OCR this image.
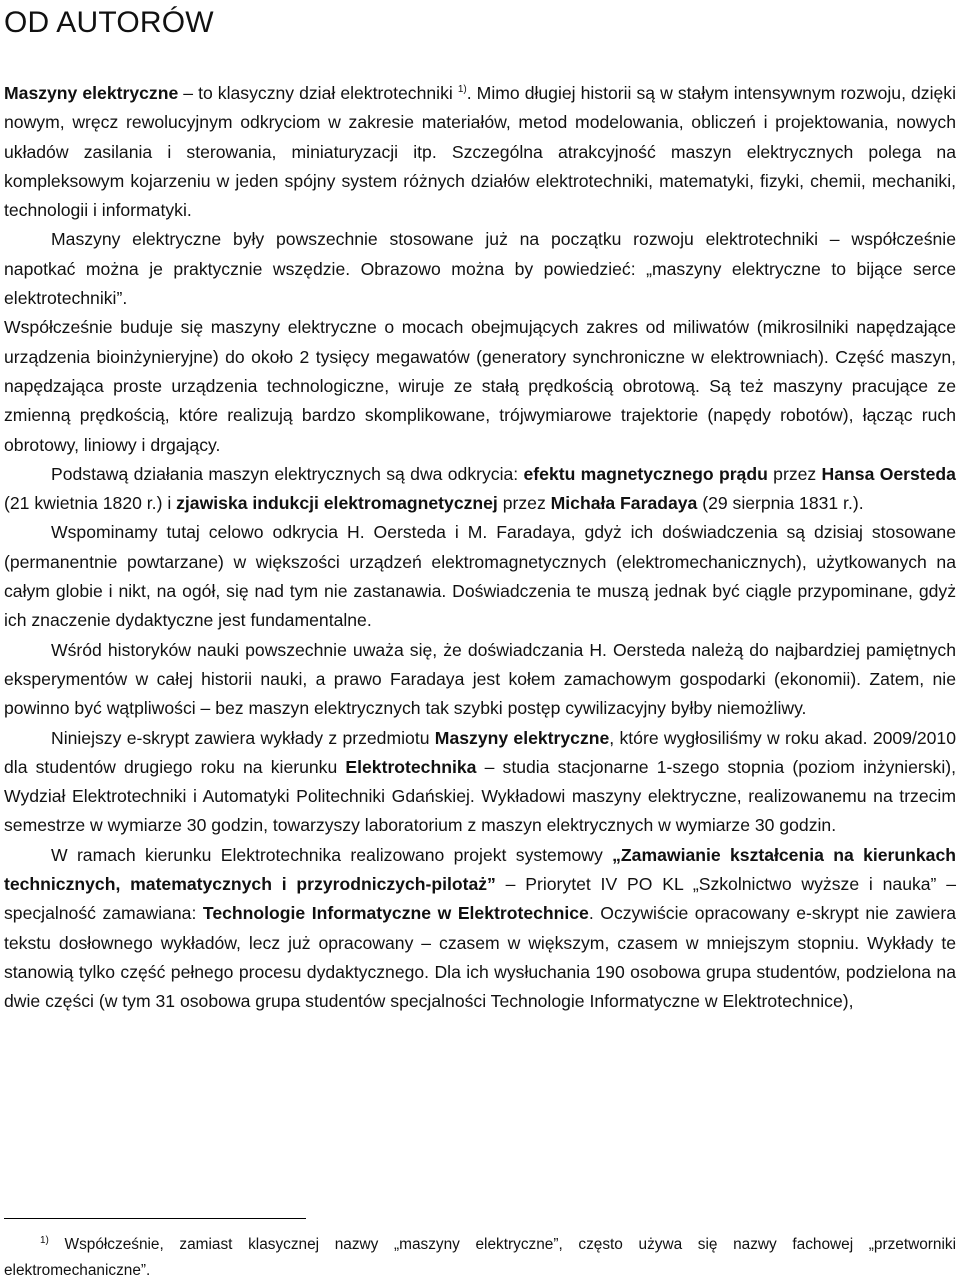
OD AUTORÓW

Maszyny elektryczne – to klasyczny dział elektrotechniki $^{1)}$. Mimo długiej historii są w stałym intensywnym rozwoju, dzięki nowym, wręcz rewolucyjnym odkryciom w zakresie materiałów, metod modelowania, obliczeń i projektowania, nowych układów zasilania i sterowania, miniaturyzacji itp. Szczególna atrakcyjność maszyn elektrycznych polega na kompleksowym kojarzeniu w jeden spójny system różnych działów elektrotechniki, matematyki, fizyki, chemii, mechaniki, technologii i informatyki.

Maszyny elektryczne były powszechnie stosowane już na początku rozwoju elektrotechniki – współcześnie napotkać można je praktycznie wszędzie. Obrazowo można by powiedzieć: „maszyny elektryczne to bijące serce elektrotechniki”.

Współcześnie buduje się maszyny elektryczne o mocach obejmujących zakres od miliwatów (mikrosilniki napędzające urządzenia bioinżynieryjne) do około 2 tysięcy megawatów (generatory synchroniczne w elektrowniach). Część maszyn, napędzająca proste urządzenia technologiczne, wiruje ze stałą prędkością obrotową. Są też maszyny pracujące ze zmienną prędkością, które realizują bardzo skomplikowane, trójwymiarowe trajektorie (napędy robotów), łącząc ruch obrotowy, liniowy i drgający.

Podstawą działania maszyn elektrycznych są dwa odkrycia: efektu magnetycznego prądu przez Hansa Oersteda (21 kwietnia 1820 r.) i zjawiska indukcji elektromagnetycznej przez Michała Faradaya (29 sierpnia 1831 r.).

Wspominamy tutaj celowo odkrycia H. Oersteda i M. Faradaya, gdyż ich doświadczenia są dzisiaj stosowane (permanentnie powtarzane) w większości urządzeń elektromagnetycznych (elektromechanicznych), użytkowanych na całym globie i nikt, na ogół, się nad tym nie zastanawia. Doświadczenia te muszą jednak być ciągle przypominane, gdyż ich znaczenie dydaktyczne jest fundamentalne.

Wśród historyków nauki powszechnie uważa się, że doświadczania H. Oersteda należą do najbardziej pamiętnych eksperymentów w całej historii nauki, a prawo Faradaya jest kołem zamachowym gospodarki (ekonomii). Zatem, nie powinno być wątpliwości – bez maszyn elektrycznych tak szybki postęp cywilizacyjny byłby niemożliwy.

Niniejszy e-skrypt zawiera wykłady z przedmiotu Maszyny elektryczne, które wygłosiliśmy w roku akad. 2009/2010 dla studentów drugiego roku na kierunku Elektrotechnika – studia stacjonarne 1-szego stopnia (poziom inżynierski), Wydział Elektrotechniki i Automatyki Politechniki Gdańskiej. Wykładowi maszyny elektryczne, realizowanemu na trzecim semestrze w wymiarze 30 godzin, towarzyszy laboratorium z maszyn elektrycznych w wymiarze 30 godzin.

W ramach kierunku Elektrotechnika realizowano projekt systemowy „Zamawianie kształcenia na kierunkach technicznych, matematycznych i przyrodniczych-pilotaż” – Priorytet IV PO KL „Szkolnictwo wyższe i nauka” – specjalność zamawiana: Technologie Informatyczne w Elektrotechnice. Oczywiście opracowany e-skrypt nie zawiera tekstu dosłownego wykładów, lecz już opracowany – czasem w większym, czasem w mniejszym stopniu. Wykłady te stanowią tylko część pełnego procesu dydaktycznego. Dla ich wysłuchania 190 osobowa grupa studentów, podzielona na dwie części (w tym 31 osobowa grupa studentów specjalności Technologie Informatyczne w Elektrotechnice),

$^{1)}$ Współcześnie, zamiast klasycznej nazwy „maszyny elektryczne”, często używa się nazwy fachowej „przetworniki elektromechaniczne”.
